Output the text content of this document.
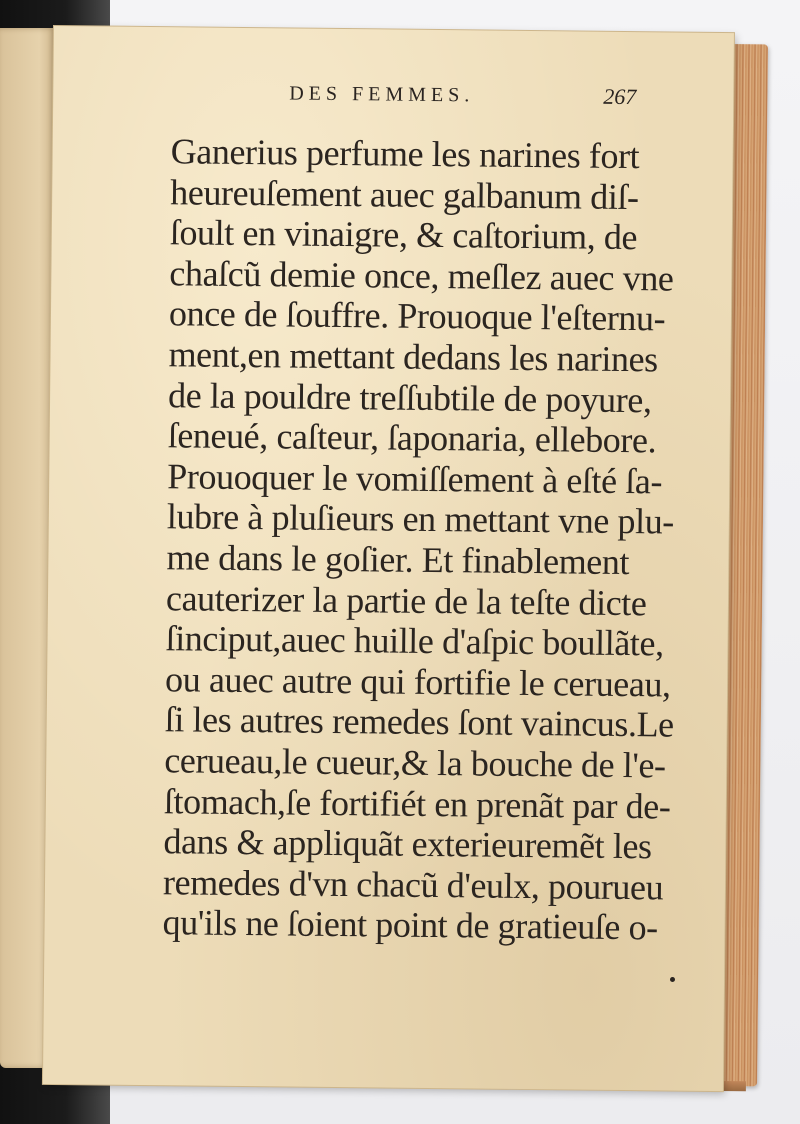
DES FEMMES.	267
Ganerius perfume les narines fort
heureuſement auec galbanum diſ-
ſoult en vinaigre, & caſtorium, de
chaſcũ demie once, meſlez auec vne
once de ſouffre. Prouoque l'eſternu-
ment,en mettant dedans les narines
de la pouldre treſſubtile de poyure,
ſeneué, caſteur, ſaponaria, ellebore.
Prouoquer le vomiſſement à eſté ſa-
lubre à pluſieurs en mettant vne plu-
me dans le goſier. Et finablement
cauterizer la partie de la teſte dicte
ſinciput,auec huille d'aſpic boullãte,
ou auec autre qui fortifie le cerueau,
ſi les autres remedes ſont vaincus.Le
cerueau,le cueur,& la bouche de l'e-
ſtomach,ſe fortifiét en prenãt par de-
dans & appliquãt exterieuremẽt les
remedes d'vn chacũ d'eulx, pourueu
qu'ils ne ſoient point de gratieuſe o-
